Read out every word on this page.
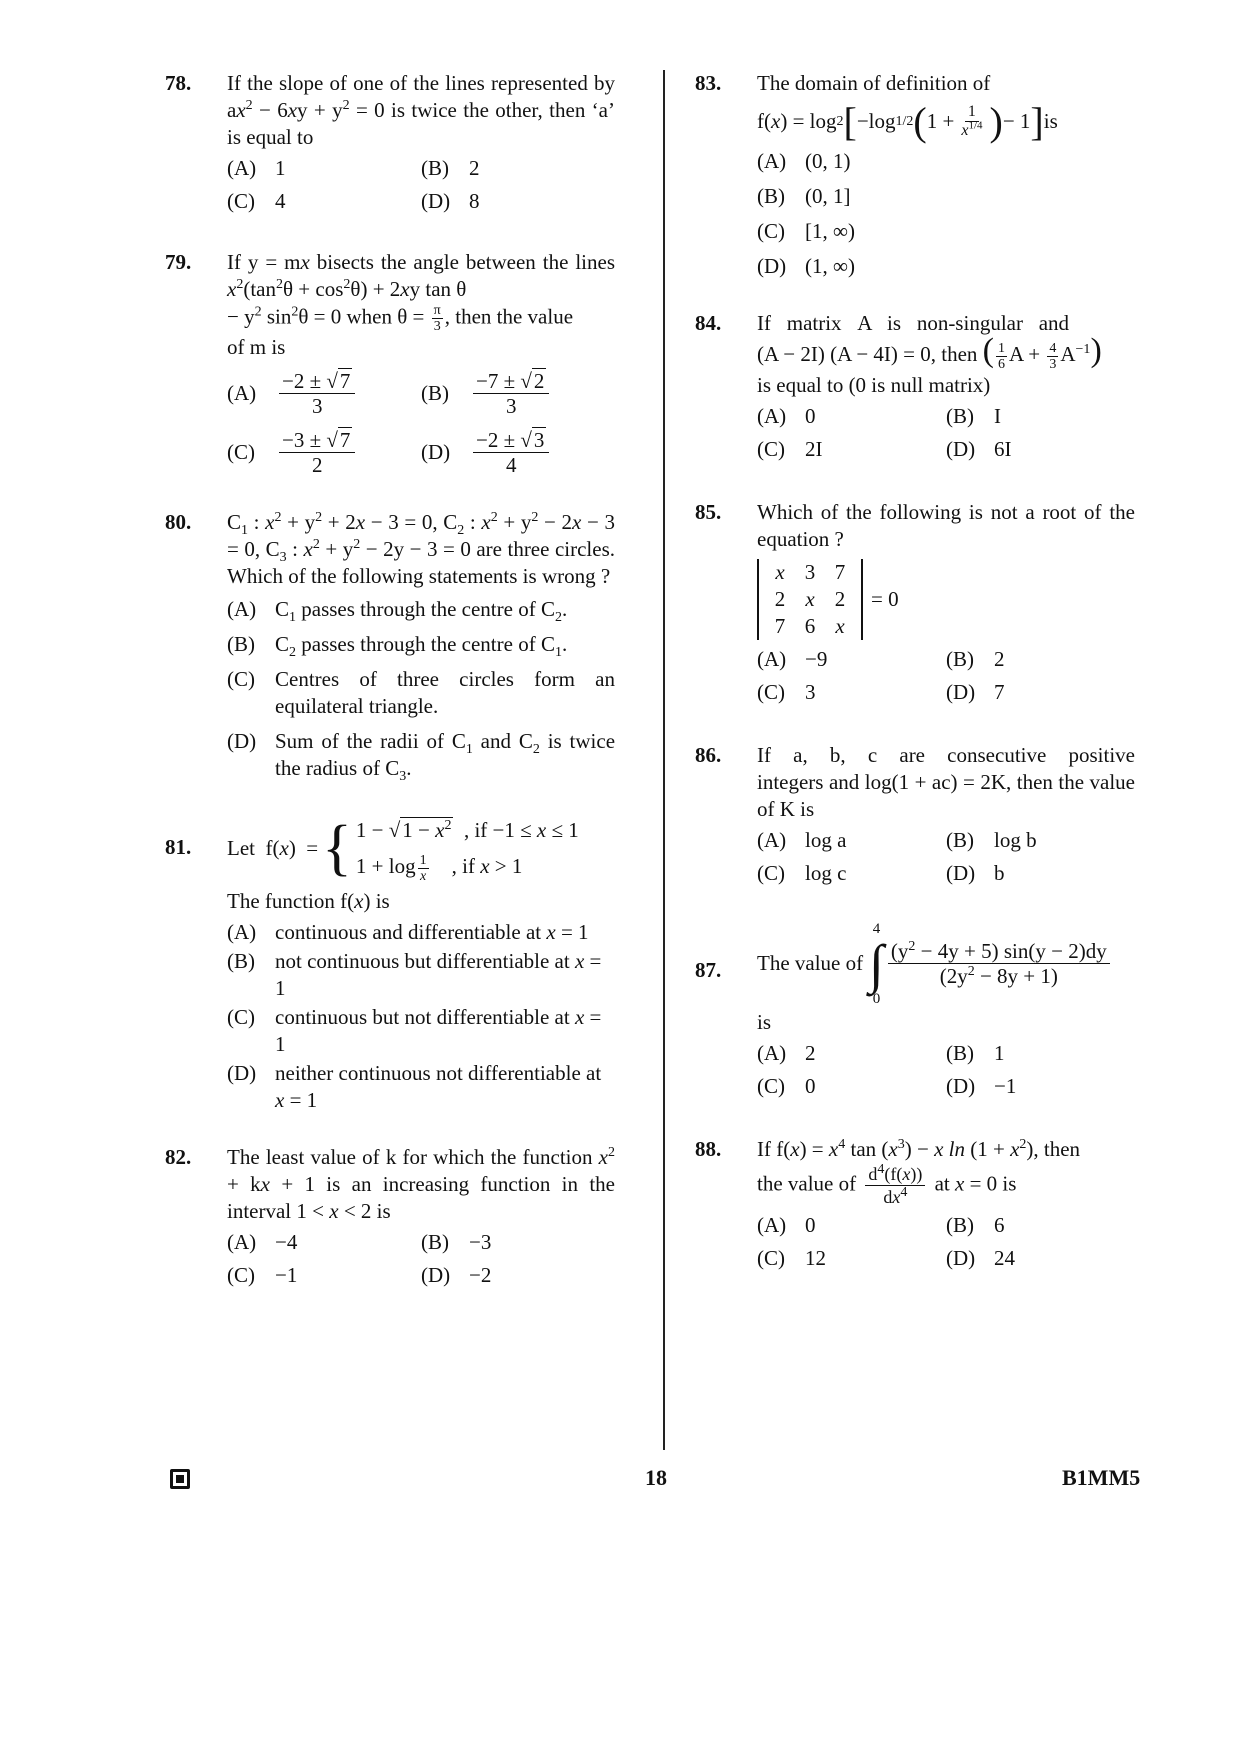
78. If the slope of one of the lines represented by $ax^2 - 6xy + y^2 = 0$ is twice the other, then ‘a’ is equal to
(A) 1	(B) 2
(C) 4	(D) 8
79. If y = mx bisects the angle between the lines $x^2(\tan^2\theta + \cos^2\theta) + 2xy$ tan θ
− $y^2$ $\sin^2\theta = 0$ when $\theta = \frac{\pi}{3}$ , then the value
of m is
(A)	$\frac{-2 \pm √7}{3}$	(B)	$\frac{-7 \pm √2}{3}$
(C)	$\frac{-3 \pm √7}{2}$	(D)	$\frac{-2 \pm √3}{4}$
80. $C_1$ : $x^2 + y^2 + 2x - 3 = 0$, $C_2$ : $x^2 + y^2 - 2x - 3 = 0$, $C_3$ : $x^2 + y^2 - 2y - 3 = 0$ are three circles. Which of the following statements is wrong ?
(A) $C_1$ passes through the centre of $C_2$.
(B) $C_2$ passes through the centre of $C_1$.
(C) Centres of three circles form an equilateral triangle.
(D) Sum of the radii of $C_1$ and $C_2$ is twice the radius of $C_3$.
81. Let  f(x)  = { $1 - √1 - x^2$  , if −1 ≤ x ≤ 1
$1 + \log \frac{1}{x}$ , if x > 1
The function f(x) is
(A) continuous and differentiable at x = 1
(B) not continuous but differentiable at x = 1
(C) continuous but not differentiable at x = 1
(D) neither continuous not differentiable at x = 1
82. The least value of k for which the function $x^2$ + kx + 1 is an increasing function in the interval 1 < x < 2 is
(A) −4	(B) −3
(C) −1	(D) −2
83. The domain of definition of
f( x ) = log 2 [ −log 1/2 ( $1 + \frac{1}{x^{1/4}}$ ) − 1 ] is
(A) (0, 1)
(B) (0, 1]
(C) [1, ∞)
(D) (1, ∞)
84. If   matrix   A   is   non-singular   and
(A − 2I) (A − 4I) = 0, then ( $\frac{1}{6}$ $A + \frac{4}{3} A^{-1}$)
is equal to (0 is null matrix)
(A) 0	(B) I
(C) 2I	(D) 6I
85. Which of the following is not a root of the equation ?
x 3 7
2 x 2
7 6 x
= 0
(A) −9	(B) 2
(C) 3	(D) 7
86. If  a,  b,  c  are  consecutive  positive integers and log(1 + ac) = 2K, then the value of K is
(A) log a	(B) log b
(C) log c	(D) b
87. The value of
4
∫
0
$\frac{(y^2 - 4y + 5) \sin(y - 2)dy}{(2y^2 - 8y + 1)}$
is
(A) 2	(B) 1
(C) 0	(D) −1
88. If $f(x) = x^4$ $\tan (x^3) - x$ $\ln (1 + x^2)$, then
the value of $\frac{d^4(f(x))}{dx^4}$ at x = 0 is
(A) 0	(B) 6
(C) 12	(D) 24
18	B1MM5
